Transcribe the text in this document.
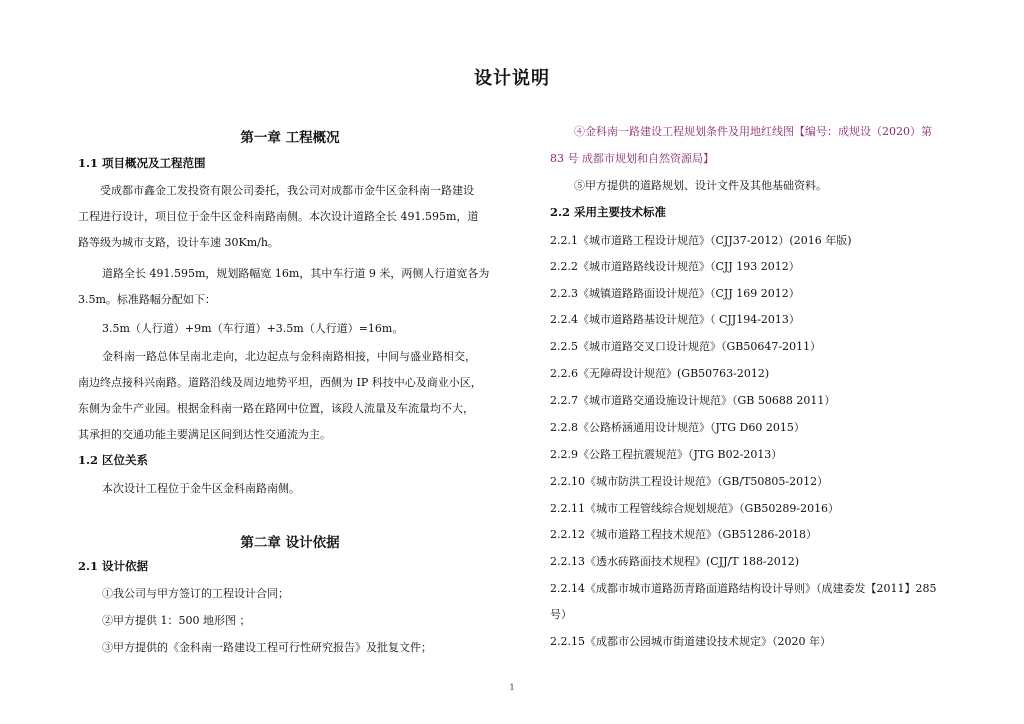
设计说明
第一章 工程概况
1.1 项目概况及工程范围
受成都市鑫金工发投资有限公司委托，我公司对成都市金牛区金科南一路建设
工程进行设计，项目位于金牛区金科南路南侧。本次设计道路全长 491.595m，道
路等级为城市支路，设计车速 30Km/h。
道路全长 491.595m，规划路幅宽 16m，其中车行道 9 米，两侧人行道宽各为
3.5m。标准路幅分配如下：
3.5m（人行道）+9m（车行道）+3.5m（人行道）=16m。
金科南一路总体呈南北走向，北边起点与金科南路相接，中间与盛业路相交，
南边终点接科兴南路。道路沿线及周边地势平坦，西侧为 IP 科技中心及商业小区，
东侧为金牛产业园。根据金科南一路在路网中位置，该段人流量及车流量均不大，
其承担的交通功能主要满足区间到达性交通流为主。
1.2 区位关系
本次设计工程位于金牛区金科南路南侧。
第二章 设计依据
2.1 设计依据
①我公司与甲方签订的工程设计合同；
②甲方提供 1：500 地形图 ；
③甲方提供的《金科南一路建设工程可行性研究报告》及批复文件；
④金科南一路建设工程规划条件及用地红线图【编号：成规设（2020）第
83 号 成都市规划和自然资源局】
⑤甲方提供的道路规划、设计文件及其他基础资料。
2.2 采用主要技术标准
2.2.1《城市道路工程设计规范》（CJJ37-2012）(2016 年版)
2.2.2《城市道路路线设计规范》（CJJ 193 2012）
2.2.3《城镇道路路面设计规范》（CJJ 169 2012）
2.2.4《城市道路路基设计规范》（ CJJ194-2013）
2.2.5《城市道路交叉口设计规范》（GB50647-2011）
2.2.6《无障碍设计规范》(GB50763-2012)
2.2.7《城市道路交通设施设计规范》（GB 50688 2011）
2.2.8《公路桥涵通用设计规范》（JTG D60 2015）
2.2.9《公路工程抗震规范》（JTG B02-2013）
2.2.10《城市防洪工程设计规范》（GB/T50805-2012）
2.2.11《城市工程管线综合规划规范》（GB50289-2016）
2.2.12《城市道路工程技术规范》（GB51286-2018）
2.2.13《透水砖路面技术规程》(CJJ/T 188-2012)
2.2.14《成都市城市道路沥青路面道路结构设计导则》（成建委发【2011】285
号）
2.2.15《成都市公园城市街道建设技术规定》（2020 年）
1
